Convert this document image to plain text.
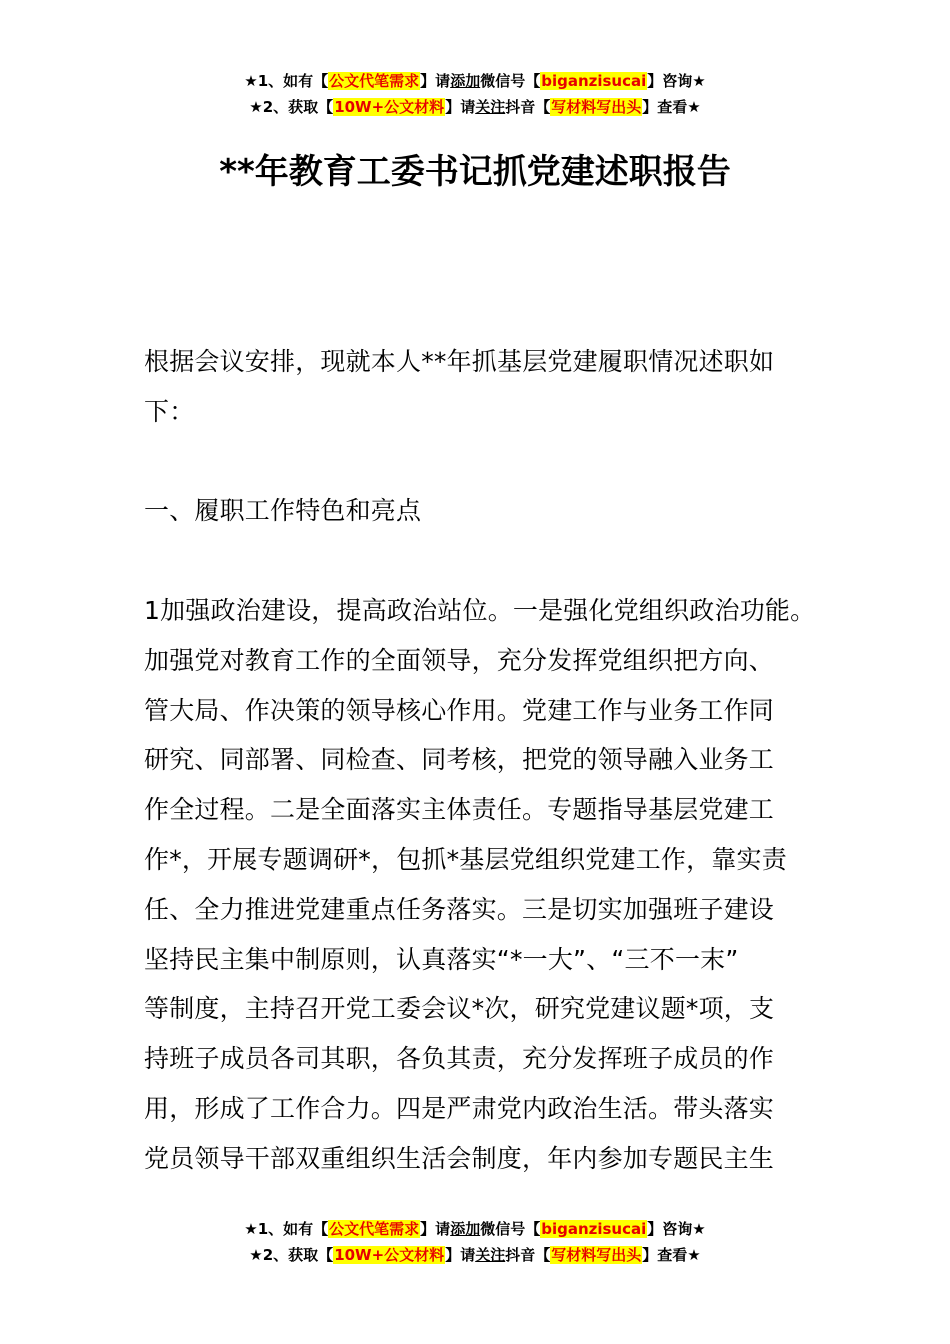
★1、如有【公文代笔需求】请添加微信号【biganzisucai】咨询★
★2、获取【10W+公文材料】请关注抖音【写材料写出头】查看★
**年教育工委书记抓党建述职报告
根据会议安排，现就本人**年抓基层党建履职情况述职如
下：
一、履职工作特色和亮点
1加强政治建设，提高政治站位。一是强化党组织政治功能。
加强党对教育工作的全面领导，充分发挥党组织把方向、
管大局、作决策的领导核心作用。党建工作与业务工作同
研究、同部署、同检查、同考核，把党的领导融入业务工
作全过程。二是全面落实主体责任。专题指导基层党建工
作*，开展专题调研*，包抓*基层党组织党建工作，靠实责
任、全力推进党建重点任务落实。三是切实加强班子建设
坚持民主集中制原则，认真落实“*一大”、“三不一末”
等制度，主持召开党工委会议*次，研究党建议题*项，支
持班子成员各司其职，各负其责，充分发挥班子成员的作
用，形成了工作合力。四是严肃党内政治生活。带头落实
党员领导干部双重组织生活会制度，年内参加专题民主生
★1、如有【公文代笔需求】请添加微信号【biganzisucai】咨询★
★2、获取【10W+公文材料】请关注抖音【写材料写出头】查看★
